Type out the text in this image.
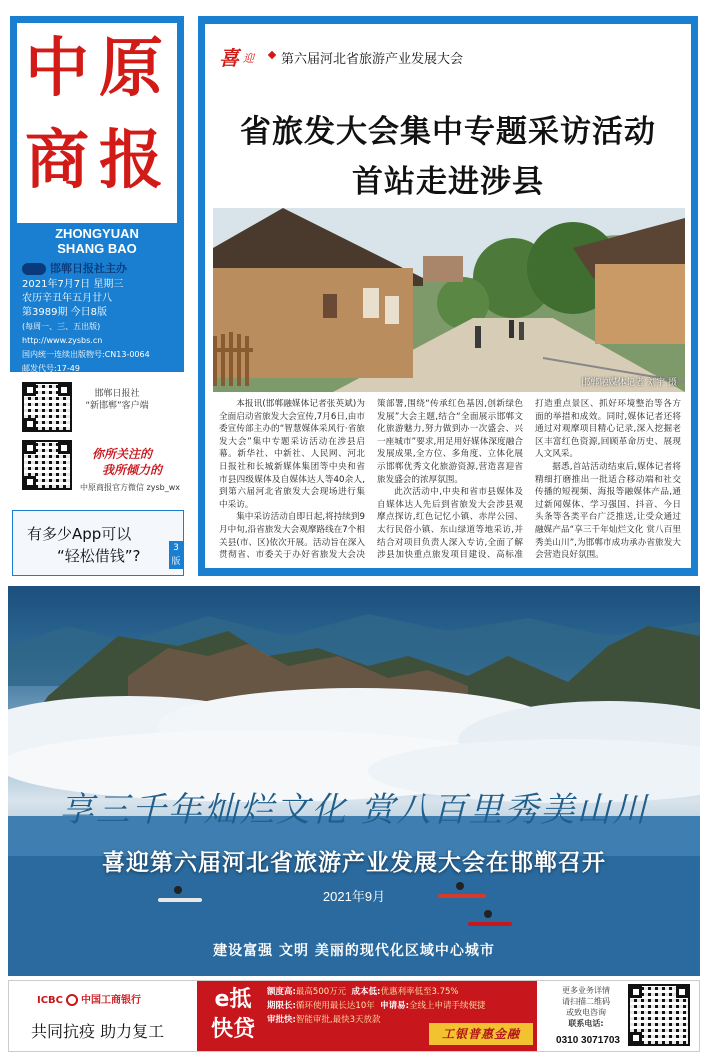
中 原
商 报
ZHONGYUAN
SHANG BAO
邯郸日报社主办
2021年7月7日 星期三
农历辛丑年五月廿八
第3989期 今日8版
(每周一、三、五出版)
http://www.zysbs.cn
国内统一连续出版物号:CN13-0064
邮发代号:17-49
邯郸日报社
“新邯郸”客户端
你所关注的
我所倾力的
中原商报官方微信 zysb_wx
有多少App可以
“轻松借钱”?	3
版
喜 迎 第六届河北省旅游产业发展大会
省旅发大会集中专题采访活动
首站走进涉县
邯郸融媒体记者 刘宇 摄

本报讯(邯郸融媒体记者张英斌)为全面启动省旅发大会宣传,7月6日,由市委宣传部主办的“智慧媒体采风行·省旅发大会”集中专题采访活动在涉县启幕。新华社、中新社、人民网、河北日报社和长城新媒体集团等中央和省市县四级媒体及自媒体达人等40余人,到第六届河北省旅发大会现场进行集中采访。

集中采访活动自即日起,将持续到9月中旬,沿省旅发大会观摩路线在7个相关县(市、区)依次开展。活动旨在深入贯彻省、市委关于办好省旅发大会决策部署,围绕“传承红色基因,创新绿色发展”大会主题,结合“全面展示邯郸文化旅游魅力,努力做到办一次盛会、兴一座城市”要求,用足用好媒体深度融合发展成果,全方位、多角度、立体化展示邯郸优秀文化旅游资源,营造喜迎省旅发盛会的浓厚氛围。

此次活动中,中央和省市县媒体及自媒体达人先后到省旅发大会涉县观摩点探访,红色记忆小镇、赤岸公园、太行民俗小镇、东山绿道等地采访,并结合对项目负责人深入专访,全面了解涉县加快重点旅发项目建设、高标准打造重点景区、抓好环境整治等各方面的举措和成效。同时,媒体记者还将通过对观摩项目精心记录,深入挖掘老区丰富红色资源,回顾革命历史、展现人文风采。

据悉,首站活动结束后,媒体记者将精细打磨推出一批适合移动端和社交传播的短视频、海报等融媒体产品,通过新闻媒体、学习强国、抖音、今日头条等各类平台广泛推送,让受众通过融媒产品“享三千年灿烂文化 赏八百里秀美山川”,为邯郸市成功承办省旅发大会营造良好氛围。

享三千年灿烂文化 赏八百里秀美山川
喜迎第六届河北省旅游产业发展大会在邯郸召开
2021年9月
建设富强 文明 美丽的现代化区域中心城市
ICBC 中国工商银行
共同抗疫 助力复工
e抵
快贷
额度高:最高500万元 成本低:优惠利率低至3.75%
期限长:循环使用最长达10年 申请易:全线上申请手续便捷
审批快:智能审批,最快3天放款
工银普惠金融
更多业务详情
请扫描二维码
或致电咨询
联系电话:
0310 3071703
